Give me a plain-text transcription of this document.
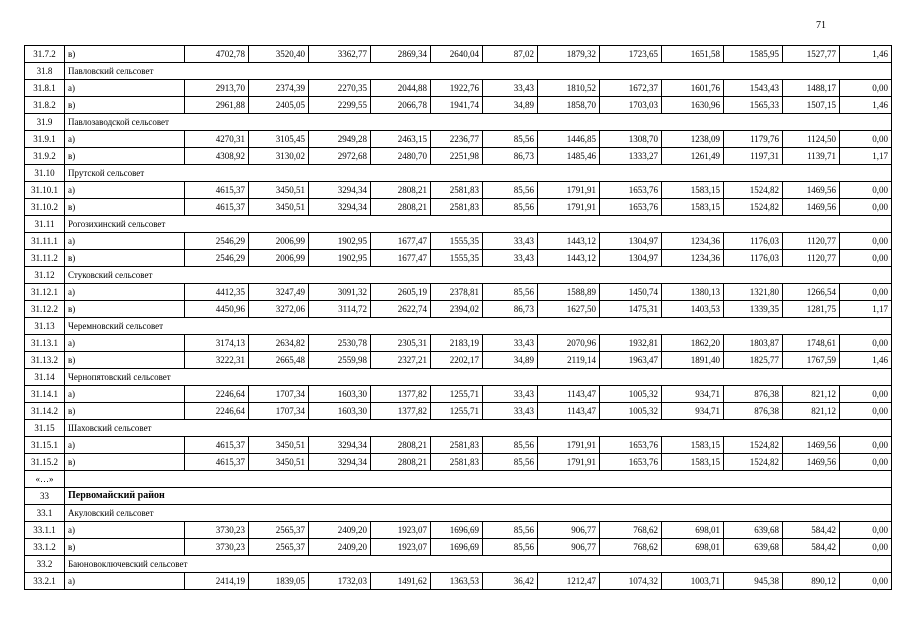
71
31.7.2	в)	4702,78	3520,40	3362,77	2869,34	2640,04	87,02	1879,32	1723,65	1651,58	1585,95	1527,77	1,46
31.8	Павловский сельсовет												
31.8.1	а)	2913,70	2374,39	2270,35	2044,88	1922,76	33,43	1810,52	1672,37	1601,76	1543,43	1488,17	0,00
31.8.2	в)	2961,88	2405,05	2299,55	2066,78	1941,74	34,89	1858,70	1703,03	1630,96	1565,33	1507,15	1,46
31.9	Павлозаводской сельсовет												
31.9.1	а)	4270,31	3105,45	2949,28	2463,15	2236,77	85,56	1446,85	1308,70	1238,09	1179,76	1124,50	0,00
31.9.2	в)	4308,92	3130,02	2972,68	2480,70	2251,98	86,73	1485,46	1333,27	1261,49	1197,31	1139,71	1,17
31.10	Прутской сельсовет												
31.10.1	а)	4615,37	3450,51	3294,34	2808,21	2581,83	85,56	1791,91	1653,76	1583,15	1524,82	1469,56	0,00
31.10.2	в)	4615,37	3450,51	3294,34	2808,21	2581,83	85,56	1791,91	1653,76	1583,15	1524,82	1469,56	0,00
31.11	Рогозихинский сельсовет												
31.11.1	а)	2546,29	2006,99	1902,95	1677,47	1555,35	33,43	1443,12	1304,97	1234,36	1176,03	1120,77	0,00
31.11.2	в)	2546,29	2006,99	1902,95	1677,47	1555,35	33,43	1443,12	1304,97	1234,36	1176,03	1120,77	0,00
31.12	Стуковский сельсовет												
31.12.1	а)	4412,35	3247,49	3091,32	2605,19	2378,81	85,56	1588,89	1450,74	1380,13	1321,80	1266,54	0,00
31.12.2	в)	4450,96	3272,06	3114,72	2622,74	2394,02	86,73	1627,50	1475,31	1403,53	1339,35	1281,75	1,17
31.13	Черемновский сельсовет												
31.13.1	а)	3174,13	2634,82	2530,78	2305,31	2183,19	33,43	2070,96	1932,81	1862,20	1803,87	1748,61	0,00
31.13.2	в)	3222,31	2665,48	2559,98	2327,21	2202,17	34,89	2119,14	1963,47	1891,40	1825,77	1767,59	1,46
31.14	Чернопятовский сельсовет												
31.14.1	а)	2246,64	1707,34	1603,30	1377,82	1255,71	33,43	1143,47	1005,32	934,71	876,38	821,12	0,00
31.14.2	в)	2246,64	1707,34	1603,30	1377,82	1255,71	33,43	1143,47	1005,32	934,71	876,38	821,12	0,00
31.15	Шаховский сельсовет												
31.15.1	а)	4615,37	3450,51	3294,34	2808,21	2581,83	85,56	1791,91	1653,76	1583,15	1524,82	1469,56	0,00
31.15.2	в)	4615,37	3450,51	3294,34	2808,21	2581,83	85,56	1791,91	1653,76	1583,15	1524,82	1469,56	0,00
«…»													
33	Первомайский район												
33.1	Акуловский сельсовет												
33.1.1	а)	3730,23	2565,37	2409,20	1923,07	1696,69	85,56	906,77	768,62	698,01	639,68	584,42	0,00
33.1.2	в)	3730,23	2565,37	2409,20	1923,07	1696,69	85,56	906,77	768,62	698,01	639,68	584,42	0,00
33.2	Баюновоключевский сельсовет												
33.2.1	а)	2414,19	1839,05	1732,03	1491,62	1363,53	36,42	1212,47	1074,32	1003,71	945,38	890,12	0,00
